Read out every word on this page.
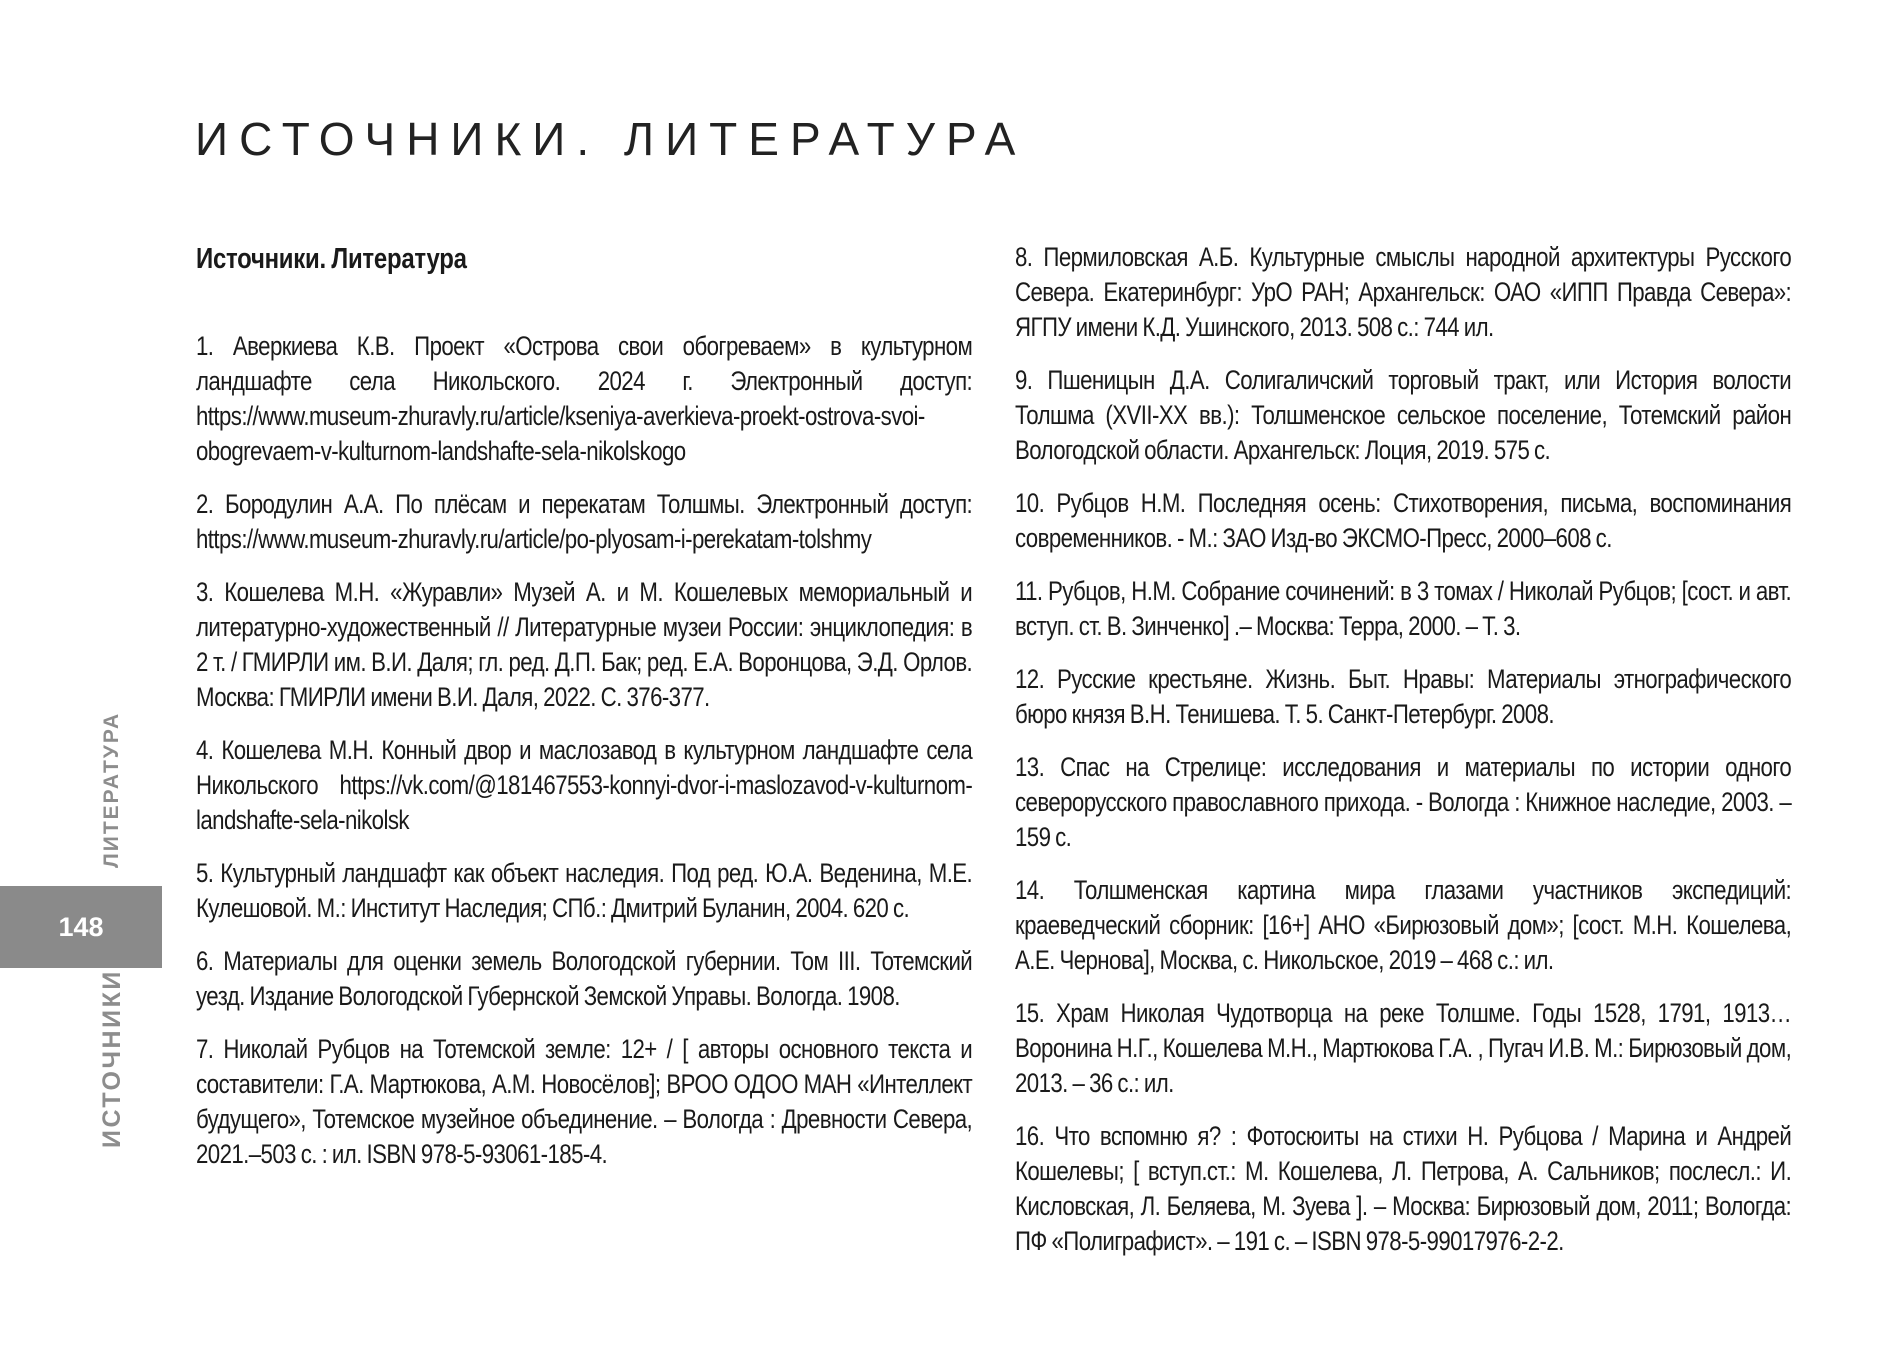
ИСТОЧНИКИ. ЛИТЕРАТУРА
Источники. Литература

1. Аверкиева К.В. Проект «Острова свои обогреваем» в культурном ландшафте села Никольского. 2024 г. Электронный доступ: https://www.museum-zhuravly.ru/article/kseniya-averkieva-proekt-ostrova-svoi-obogrevaem-v-kulturnom-landshafte-sela-nikolskogo

2. Бородулин А.А. По плёсам и перекатам Толшмы. Электронный доступ: https://www.museum-zhuravly.ru/article/po-plyosam-i-perekatam-tolshmy

3. Кошелева М.Н. «Журавли» Музей А. и М. Кошелевых мемориальный и литературно-художественный // Литературные музеи России: энциклопедия: в 2 т. / ГМИРЛИ им. В.И. Даля; гл. ред. Д.П. Бак; ред. Е.А. Воронцова, Э.Д. Орлов. Москва: ГМИРЛИ имени В.И. Даля, 2022. С. 376-377.

4. Кошелева М.Н. Конный двор и маслозавод в культурном ландшафте села Никольского https://vk.com/@181467553-konnyi-dvor-i-maslozavod-v-kulturnom-landshafte-sela-nikolsk

5. Культурный ландшафт как объект наследия. Под ред. Ю.А. Веденина, М.Е. Кулешовой. М.: Институт Наследия; СПб.: Дмитрий Буланин, 2004. 620 с.

6. Материалы для оценки земель Вологодской губернии. Том III. Тотемский уезд. Издание Вологодской Губернской Земской Управы. Вологда. 1908.

7. Николай Рубцов на Тотемской земле: 12+ / [ авторы основного текста и составители: Г.А. Мартюкова, А.М. Новосёлов]; ВРОО ОДОО МАН «Интеллект будущего», Тотемское музейное объединение. – Вологда : Древности Севера, 2021.–503 с. : ил. ISBN 978-5-93061-185-4.

8. Пермиловская А.Б. Культурные смыслы народной архитектуры Русского Севера. Екатеринбург: УрО РАН; Архангельск: ОАО «ИПП Правда Севера»: ЯГПУ имени К.Д. Ушинского, 2013. 508 с.: 744 ил.

9. Пшеницын Д.А. Солигаличский торговый тракт, или История волости Толшма (XVII-XX вв.): Толшменское сельское поселение, Тотемский район Вологодской области. Архангельск: Лоция, 2019. 575 с.

10. Рубцов Н.М. Последняя осень: Стихотворения, письма, воспоминания современников. - М.: ЗАО Изд-во ЭКСМО-Пресс, 2000–608 с.

11. Рубцов, Н.М. Собрание сочинений: в 3 томах / Николай Рубцов; [сост. и авт. вступ. ст. В. Зинченко] .– Москва: Терра, 2000. – Т. 3.

12. Русские крестьяне. Жизнь. Быт. Нравы: Материалы этнографического бюро князя В.Н. Тенишева. Т. 5. Санкт-Петербург. 2008.

13. Спас на Стрелице: исследования и материалы по истории одного северорусского православного прихода. - Вологда : Книжное наследие, 2003. – 159 с.

14. Толшменская картина мира глазами участников экспедиций: краеведческий сборник: [16+] АНО «Бирюзовый дом»; [сост. М.Н. Кошелева, А.Е. Чернова], Москва, с. Никольское, 2019 – 468 с.: ил.

15. Храм Николая Чудотворца на реке Толшме. Годы 1528, 1791, 1913… Воронина Н.Г., Кошелева М.Н., Мартюкова Г.А. , Пугач И.В. М.: Бирюзовый дом, 2013. – 36 с.: ил.

16. Что вспомню я? : Фотосюиты на стихи Н. Рубцова / Марина и Андрей Кошелевы; [ вступ.ст.: М. Кошелева, Л. Петрова, А. Сальников; послесл.: И. Кисловская, Л. Беляева, М. Зуева ]. – Москва: Бирюзовый дом, 2011; Вологда: ПФ «Полиграфист». – 191 с. – ISBN 978-5-99017976-2-2.

ЛИТЕРАТУРА
148
ИСТОЧНИКИ
